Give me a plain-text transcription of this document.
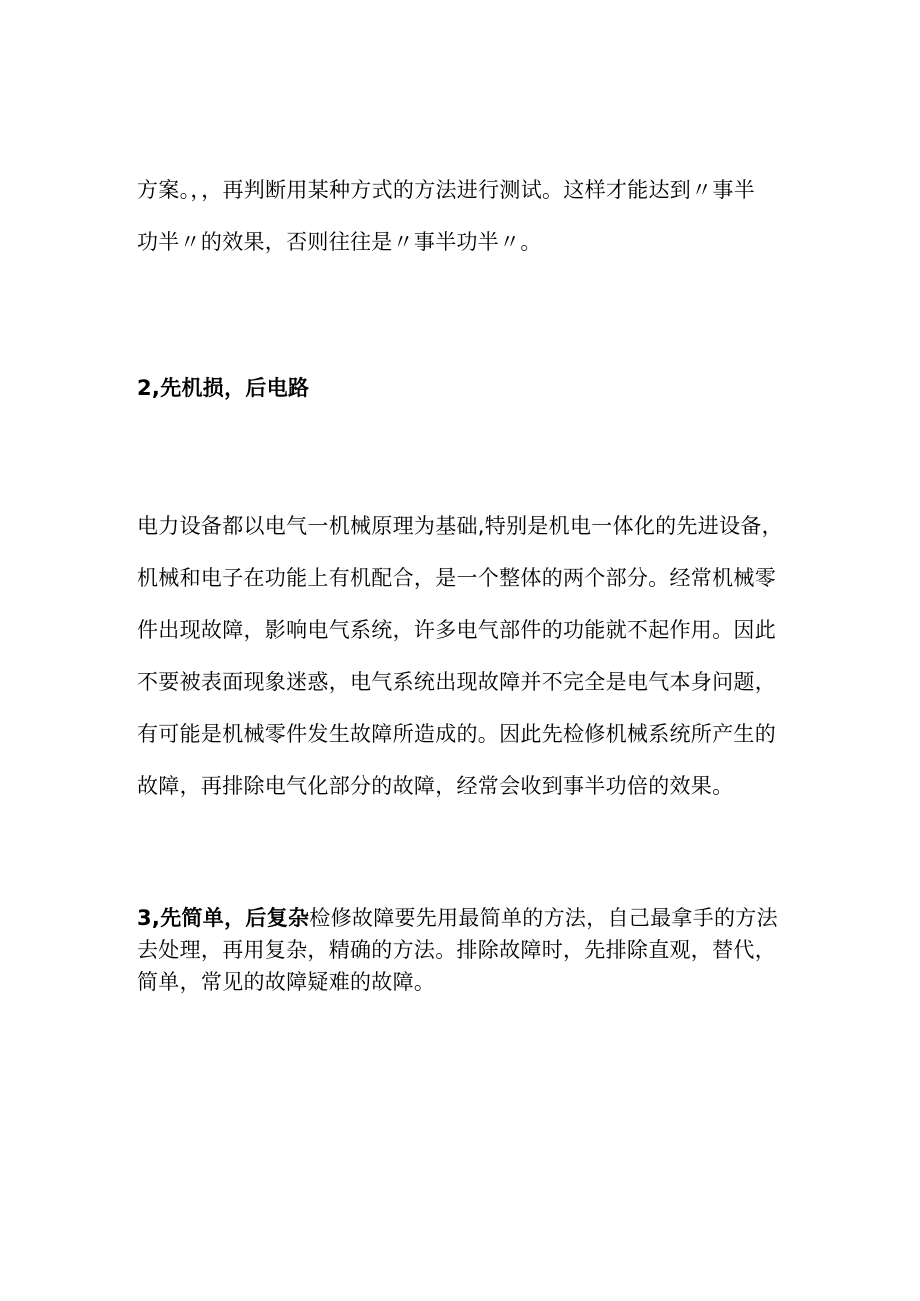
方案。，，再判断用某种方式的方法进行测试。这样才能达到〃事半
功半〃的效果，否则往往是〃事半功半〃。
2,先机损，后电路
电力设备都以电气一机械原理为基础,特别是机电一体化的先进设备，
机械和电子在功能上有机配合，是一个整体的两个部分。经常机械零
件出现故障，影响电气系统，许多电气部件的功能就不起作用。因此
不要被表面现象迷惑，电气系统出现故障并不完全是电气本身问题，
有可能是机械零件发生故障所造成的。因此先检修机械系统所产生的
故障，再排除电气化部分的故障，经常会收到事半功倍的效果。
3,先简单，后复杂检修故障要先用最简单的方法，自己最拿手的方法
去处理，再用复杂，精确的方法。排除故障时，先排除直观，替代，
简单，常见的故障疑难的故障。
